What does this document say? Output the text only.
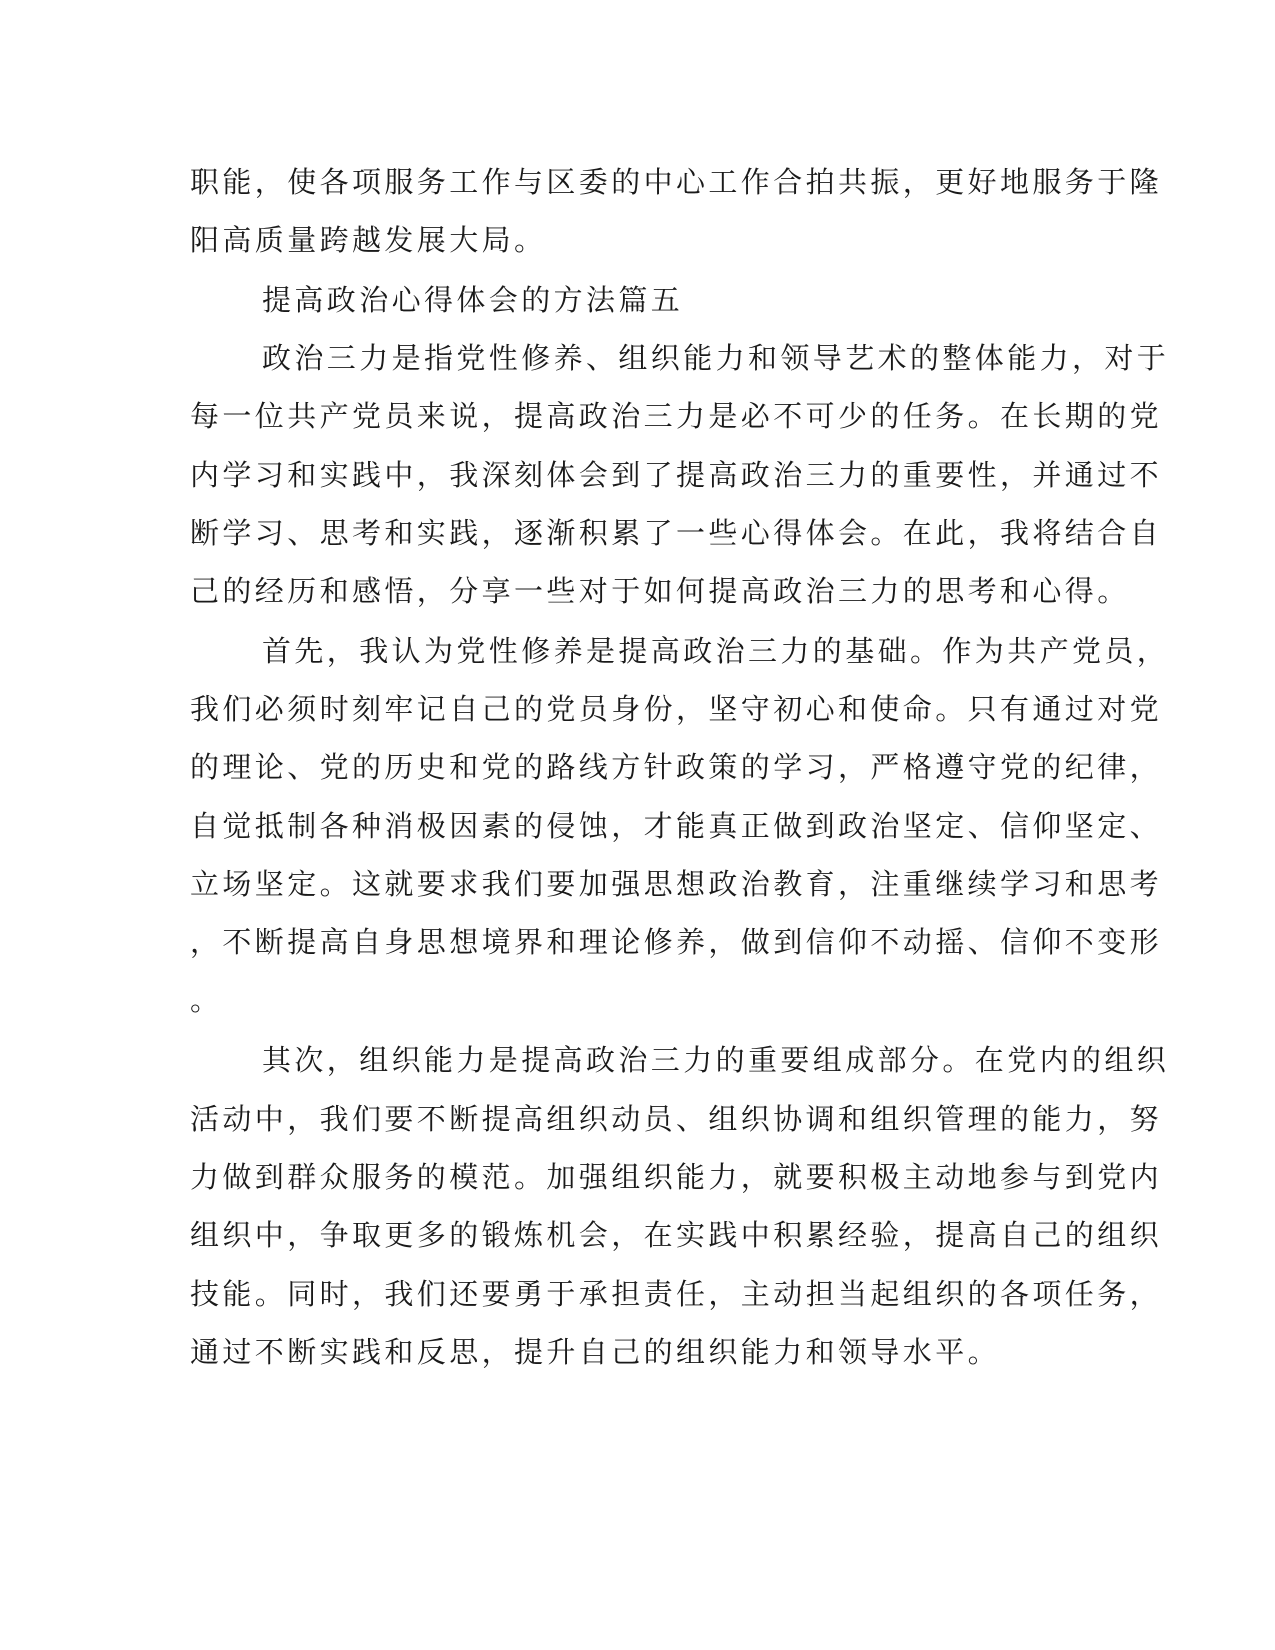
职能，使各项服务工作与区委的中心工作合拍共振，更好地服务于隆
阳高质量跨越发展大局。
提高政治心得体会的方法篇五
政治三力是指党性修养、组织能力和领导艺术的整体能力，对于
每一位共产党员来说，提高政治三力是必不可少的任务。在长期的党
内学习和实践中，我深刻体会到了提高政治三力的重要性，并通过不
断学习、思考和实践，逐渐积累了一些心得体会。在此，我将结合自
己的经历和感悟，分享一些对于如何提高政治三力的思考和心得。
首先，我认为党性修养是提高政治三力的基础。作为共产党员，
我们必须时刻牢记自己的党员身份，坚守初心和使命。只有通过对党
的理论、党的历史和党的路线方针政策的学习，严格遵守党的纪律，
自觉抵制各种消极因素的侵蚀，才能真正做到政治坚定、信仰坚定、
立场坚定。这就要求我们要加强思想政治教育，注重继续学习和思考
，不断提高自身思想境界和理论修养，做到信仰不动摇、信仰不变形
。
其次，组织能力是提高政治三力的重要组成部分。在党内的组织
活动中，我们要不断提高组织动员、组织协调和组织管理的能力，努
力做到群众服务的模范。加强组织能力，就要积极主动地参与到党内
组织中，争取更多的锻炼机会，在实践中积累经验，提高自己的组织
技能。同时，我们还要勇于承担责任，主动担当起组织的各项任务，
通过不断实践和反思，提升自己的组织能力和领导水平。
